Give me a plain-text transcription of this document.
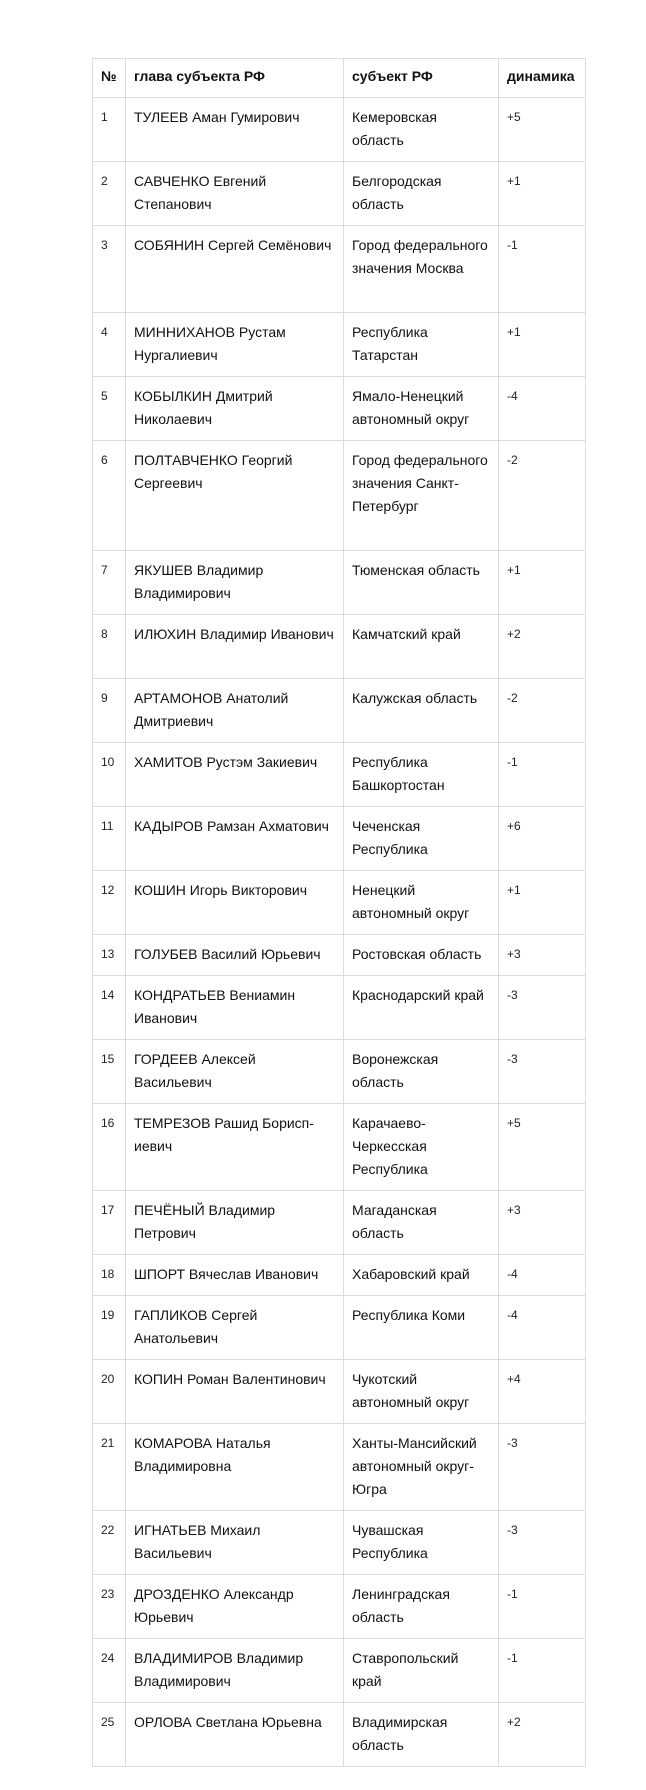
№	глава субъекта РФ	субъект РФ	динамика
1	ТУЛЕЕВ Аман Гумирович	Кемеровская область	+5
2	САВЧЕНКО Евгений Степанович	Белгородская область	+1
3	СОБЯНИН Сергей Семёнович	Город федерального значения Москва	-1
4	МИННИХАНОВ Рустам Нургалиевич	Республика Татарстан	+1
5	КОБЫЛКИН Дмитрий Николаевич	Ямало-Ненецкий автономный округ	-4
6	ПОЛТАВЧЕНКО Георгий Сергеевич	Город федерального значения Санкт-Петербург	-2
7	ЯКУШЕВ Владимир Владимирович	Тюменская область	+1
8	ИЛЮХИН Владимир Иванович	Камчатский край	+2
9	АРТАМОНОВ Анатолий Дмитриевич	Калужская область	-2
10	ХАМИТОВ Рустэм Закиевич	Республика Башкортостан	-1
11	КАДЫРОВ Рамзан Ахматович	Чеченская Республика	+6
12	КОШИН Игорь Викторович	Ненецкий автономный округ	+1
13	ГОЛУБЕВ Василий Юрьевич	Ростовская область	+3
14	КОНДРАТЬЕВ Вениамин Иванович	Краснодарский край	-3
15	ГОРДЕЕВ Алексей Васильевич	Воронежская область	-3
16	ТЕМРЕЗОВ Рашид Бориспиевич	Карачаево-Черкесская Республика	+5
17	ПЕЧЁНЫЙ Владимир Петрович	Магаданская область	+3
18	ШПОРТ Вячеслав Иванович	Хабаровский край	-4
19	ГАПЛИКОВ Сергей Анатольевич	Республика Коми	-4
20	КОПИН Роман Валентинович	Чукотский автономный округ	+4
21	КОМАРОВА Наталья Владимировна	Ханты-Мансийский автономный округ-Югра	-3
22	ИГНАТЬЕВ Михаил Васильевич	Чувашская Республика	-3
23	ДРОЗДЕНКО Александр Юрьевич	Ленинградская область	-1
24	ВЛАДИМИРОВ Владимир Владимирович	Ставропольский край	-1
25	ОРЛОВА Светлана Юрьевна	Владимирская область	+2
